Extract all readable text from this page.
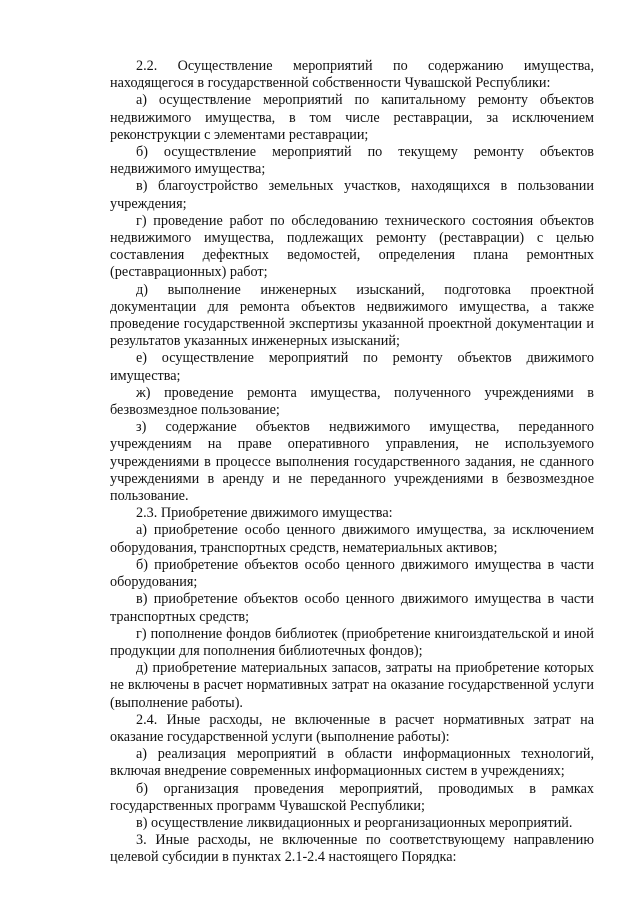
2.2. Осуществление мероприятий по содержанию имущества, находящегося в государственной собственности Чувашской Республики:

а) осуществление мероприятий по капитальному ремонту объектов недвижимого имущества, в том числе реставрации, за исключением реконструкции с элементами реставрации;

б) осуществление мероприятий по текущему ремонту объектов недвижимого имущества;

в) благоустройство земельных участков, находящихся в пользовании учреждения;

г) проведение работ по обследованию технического состояния объектов недвижимого имущества, подлежащих ремонту (реставрации) с целью составления дефектных ведомостей, определения плана ремонтных (реставрационных) работ;

д) выполнение инженерных изысканий, подготовка проектной документации для ремонта объектов недвижимого имущества, а также проведение государственной экспертизы указанной проектной документации и результатов указанных инженерных изысканий;

е) осуществление мероприятий по ремонту объектов движимого имущества;

ж) проведение ремонта имущества, полученного учреждениями в безвозмездное пользование;

з) содержание объектов недвижимого имущества, переданного учреждениям на праве оперативного управления, не используемого учреждениями в процессе выполнения государственного задания, не сданного учреждениями в аренду и не переданного учреждениями в безвозмездное пользование.

2.3. Приобретение движимого имущества:

а) приобретение особо ценного движимого имущества, за исключением оборудования, транспортных средств, нематериальных активов;

б) приобретение объектов особо ценного движимого имущества в части оборудования;

в) приобретение объектов особо ценного движимого имущества в части транспортных средств;

г) пополнение фондов библиотек (приобретение книгоиздательской и иной продукции для пополнения библиотечных фондов);

д) приобретение материальных запасов, затраты на приобретение которых не включены в расчет нормативных затрат на оказание государственной услуги (выполнение работы).

2.4. Иные расходы, не включенные в расчет нормативных затрат на оказание государственной услуги (выполнение работы):

а) реализация мероприятий в области информационных технологий, включая внедрение современных информационных систем в учреждениях;

б) организация проведения мероприятий, проводимых в рамках государственных программ Чувашской Республики;

в) осуществление ликвидационных и реорганизационных мероприятий.

3. Иные расходы, не включенные по соответствующему направлению целевой субсидии в пунктах 2.1-2.4 настоящего Порядка:
